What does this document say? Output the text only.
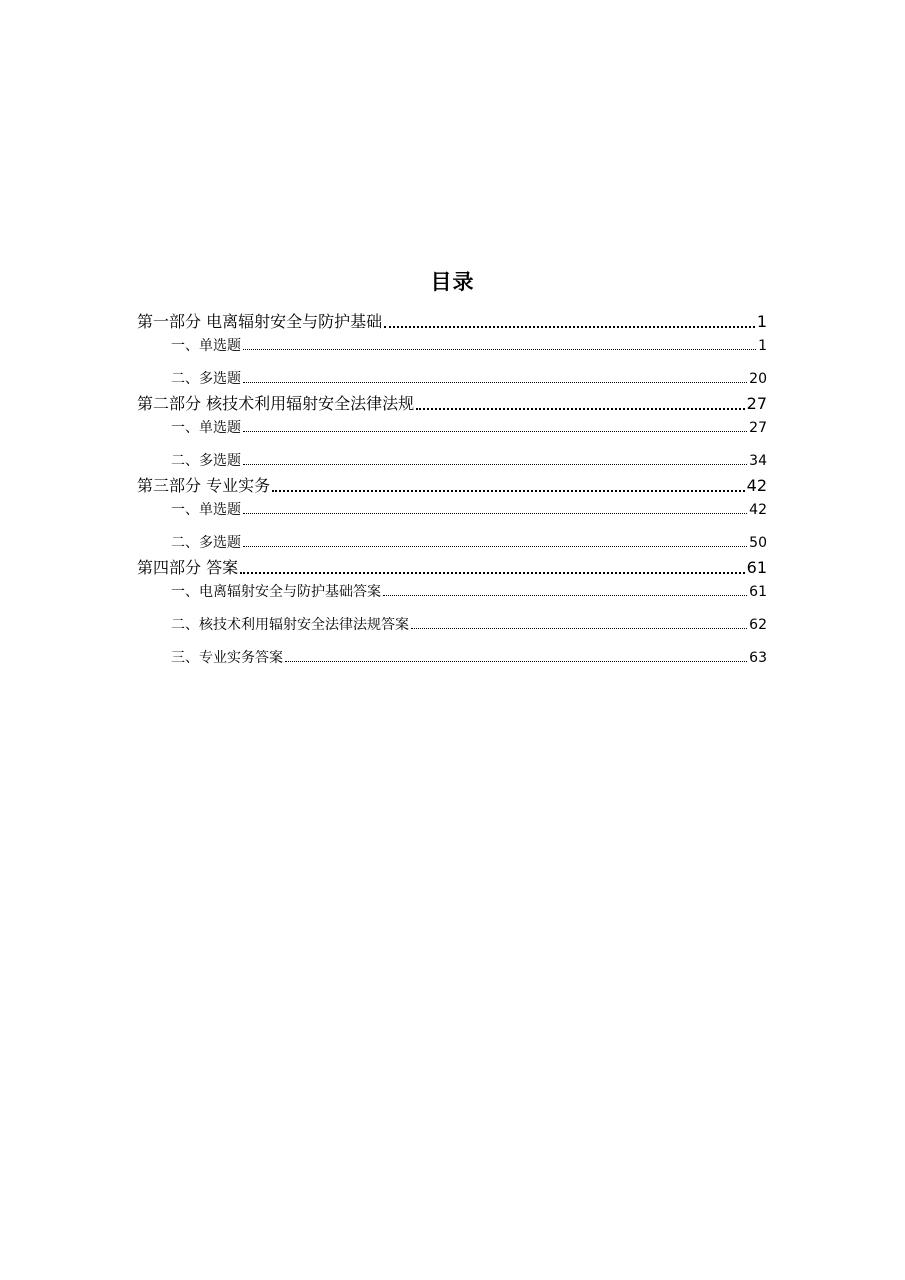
目录
第一部分 电离辐射安全与防护基础	1
一、单选题	1
二、多选题	20
第二部分 核技术利用辐射安全法律法规	27
一、单选题	27
二、多选题	34
第三部分 专业实务	42
一、单选题	42
二、多选题	50
第四部分 答案	61
一、电离辐射安全与防护基础答案	61
二、核技术利用辐射安全法律法规答案	62
三、专业实务答案	63
